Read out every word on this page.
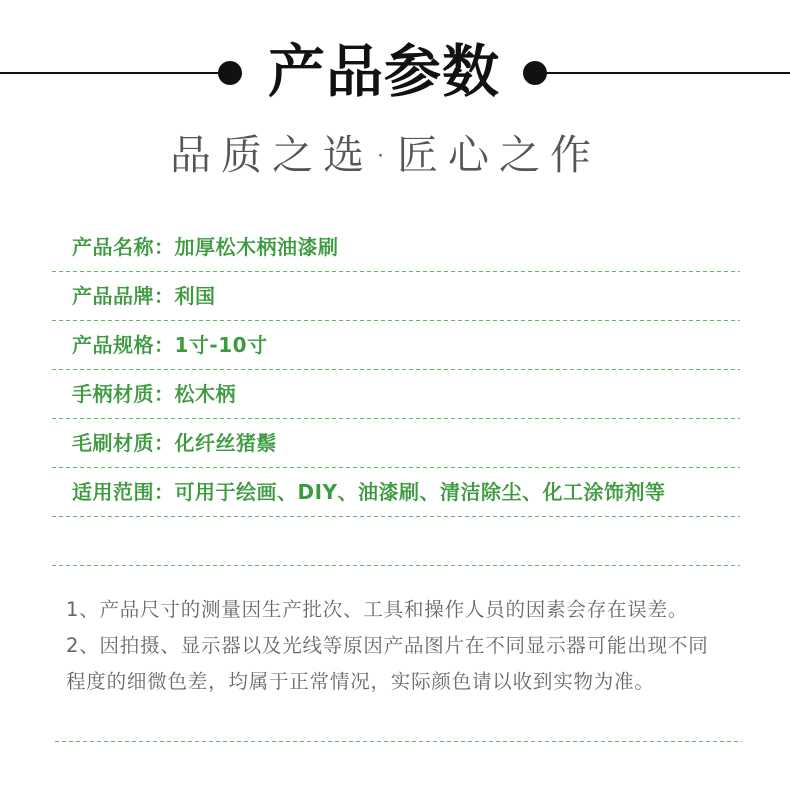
产品参数
品质之选·匠心之作
产品名称：加厚松木柄油漆刷
产品品牌：利国
产品规格：1寸-10寸
手柄材质：松木柄
毛刷材质：化纤丝猪鬃
适用范围：可用于绘画、DIY、油漆刷、清洁除尘、化工涂饰剂等
1、产品尺寸的测量因生产批次、工具和操作人员的因素会存在误差。
2、因拍摄、显示器以及光线等原因产品图片在不同显示器可能出现不同
程度的细微色差，均属于正常情况，实际颜色请以收到实物为准。
